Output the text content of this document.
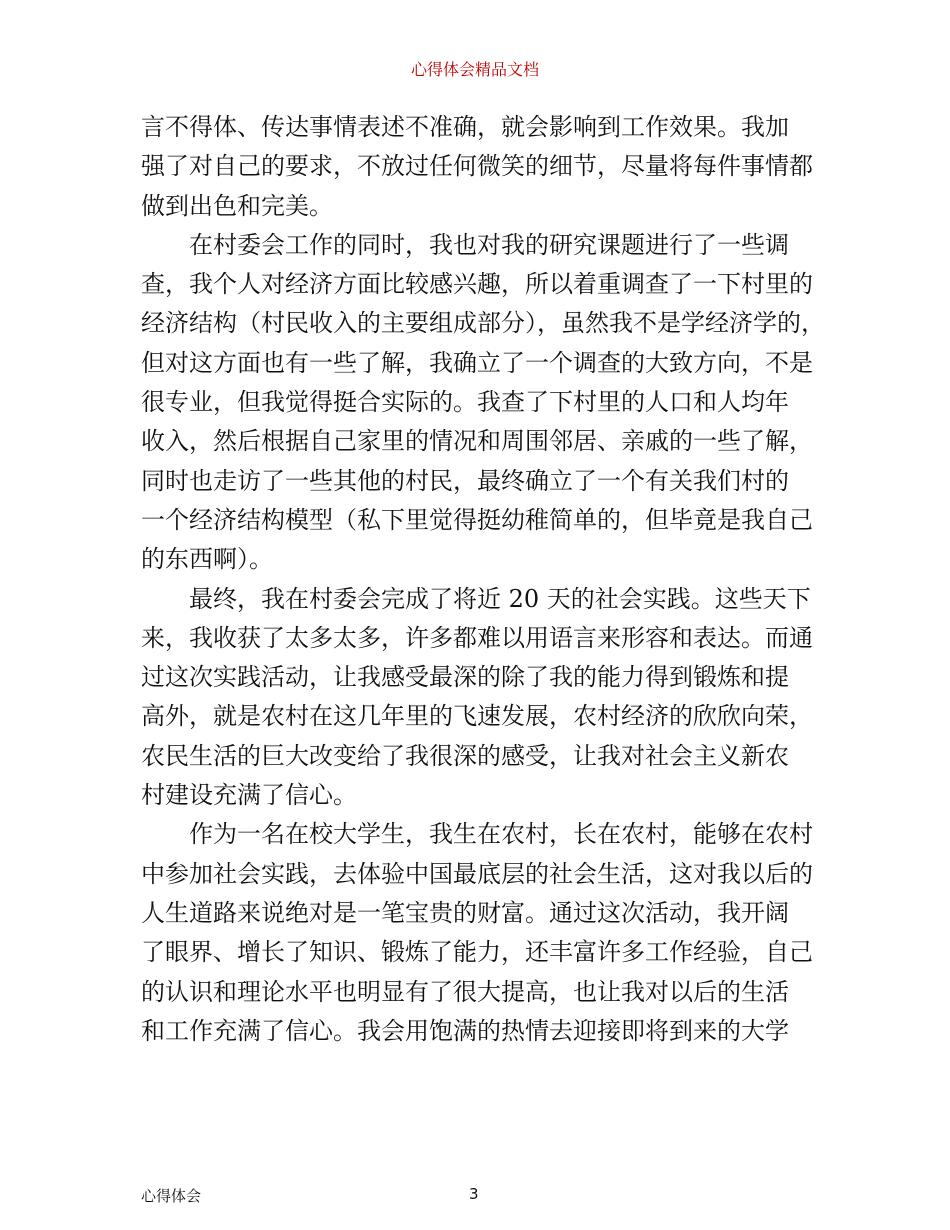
心得体会精品文档
言不得体、传达事情表述不准确，就会影响到工作效果。我加
强了对自己的要求，不放过任何微笑的细节，尽量将每件事情都
做到出色和完美。
在村委会工作的同时，我也对我的研究课题进行了一些调
查，我个人对经济方面比较感兴趣，所以着重调查了一下村里的
经济结构（村民收入的主要组成部分），虽然我不是学经济学的，
但对这方面也有一些了解，我确立了一个调查的大致方向，不是
很专业，但我觉得挺合实际的。我查了下村里的人口和人均年
收入，然后根据自己家里的情况和周围邻居、亲戚的一些了解，
同时也走访了一些其他的村民，最终确立了一个有关我们村的
一个经济结构模型（私下里觉得挺幼稚简单的，但毕竟是我自己
的东西啊）。
最终，我在村委会完成了将近 20 天的社会实践。这些天下
来，我收获了太多太多，许多都难以用语言来形容和表达。而通
过这次实践活动，让我感受最深的除了我的能力得到锻炼和提
高外，就是农村在这几年里的飞速发展，农村经济的欣欣向荣，
农民生活的巨大改变给了我很深的感受，让我对社会主义新农
村建设充满了信心。
作为一名在校大学生，我生在农村，长在农村，能够在农村
中参加社会实践，去体验中国最底层的社会生活，这对我以后的
人生道路来说绝对是一笔宝贵的财富。通过这次活动，我开阔
了眼界、增长了知识、锻炼了能力，还丰富许多工作经验，自己
的认识和理论水平也明显有了很大提高，也让我对以后的生活
和工作充满了信心。我会用饱满的热情去迎接即将到来的大学
心得体会	3
